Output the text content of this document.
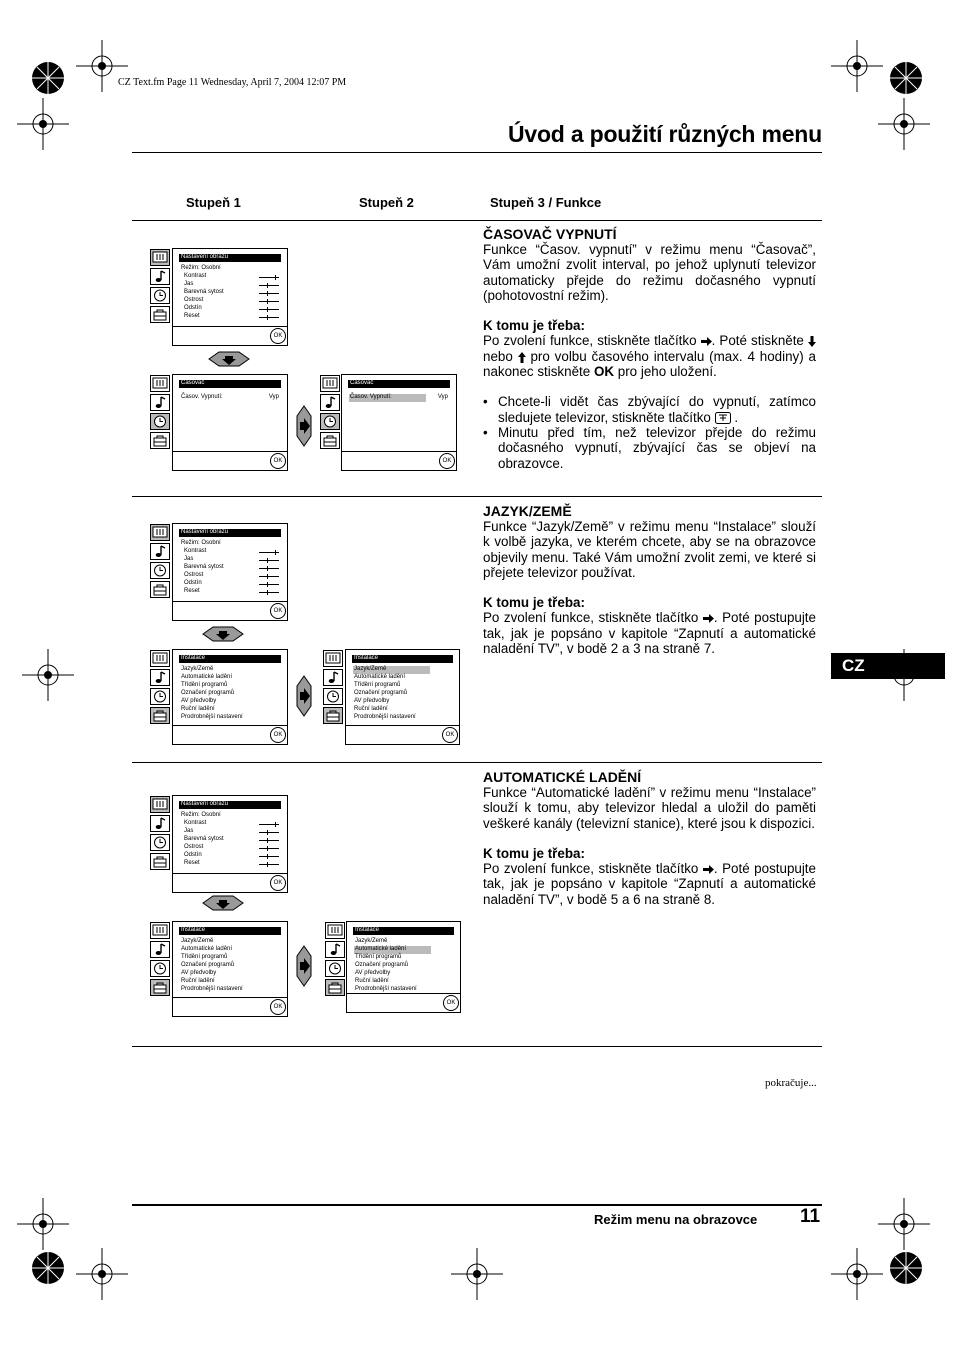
CZ Text.fm Page 11 Wednesday, April 7, 2004 12:07 PM
Úvod a použití různých menu
Stupeň 1	Stupeň 2	Stupeň 3 / Funkce
CZ
ČASOVAČ VYPNUTÍ

Funkce “Časov. vypnutí” v režimu menu “Časovač”, Vám umožní zvolit interval, po jehož uplynutí televizor automaticky přejde do režimu dočasného vypnutí (pohotovostní režim).

K tomu je třeba:

Po zvolení funkce, stiskněte tlačítko . Poté stiskněte  nebo pro volbu časového intervalu (max. 4 hodiny) a nakonec stiskněte OK pro jeho uložení.

• Chcete-li vidět čas zbývající do vypnutí, zatímco sledujete televizor, stiskněte tlačítko  .
• Minutu před tím, než televizor přejde do režimu dočasného vypnutí, zbývající čas se objeví na obrazovce.
JAZYK/ZEMĚ

Funkce “Jazyk/Země” v režimu menu “Instalace” slouží k volbě jazyka, ve kterém chcete, aby se na obrazovce objevily menu. Také Vám umožní zvolit zemi, ve které si přejete televizor používat.

K tomu je třeba:

Po zvolení funkce, stiskněte tlačítko . Poté postupujte tak, jak je popsáno v kapitole “Zapnutí a automatické naladění TV”, v bodě 2 a 3 na straně 7.

AUTOMATICKÉ LADĚNÍ

Funkce “Automatické ladění” v režimu menu “Instalace” slouží k tomu, aby televizor hledal a uložil do paměti veškeré kanály (televizní stanice), které jsou k dispozici.

K tomu je třeba:

Po zvolení funkce, stiskněte tlačítko . Poté postupujte tak, jak je popsáno v kapitole “Zapnutí a automatické naladění TV”, v bodě 5 a 6 na straně 8.

OK
Nastavení obrazu
Režim: Osobní
Kontrast
Jas
Barevná sytost
Ostrost
Odstín
Reset
OK
Časovač
Časov. Vypnutí:	Vyp
OK
Časovač
Časov. Vypnutí:	Vyp
OK
Nastavení obrazu
Režim: Osobní
Kontrast
Jas
Barevná sytost
Ostrost
Odstín
Reset
OK
Instalace
Jazyk/Země
Automatické ladění
Třídění programů
Označení programů
AV předvolby
Ruční ladění
Prodrobnější nastavení
OK
Instalace
Jazyk/Země
Automatické ladění
Třídění programů
Označení programů
AV předvolby
Ruční ladění
Prodrobnější nastavení
OK
Nastavení obrazu
Režim: Osobní
Kontrast
Jas
Barevná sytost
Ostrost
Odstín
Reset
OK
Instalace
Jazyk/Země
Automatické ladění
Třídění programů
Označení programů
AV předvolby
Ruční ladění
Prodrobnější nastavení
OK
Instalace
Jazyk/Země
Automatické ladění
Třídění programů
Označení programů
AV předvolby
Ruční ladění
Prodrobnější nastavení
pokračuje...
Režim menu na obrazovce 11
